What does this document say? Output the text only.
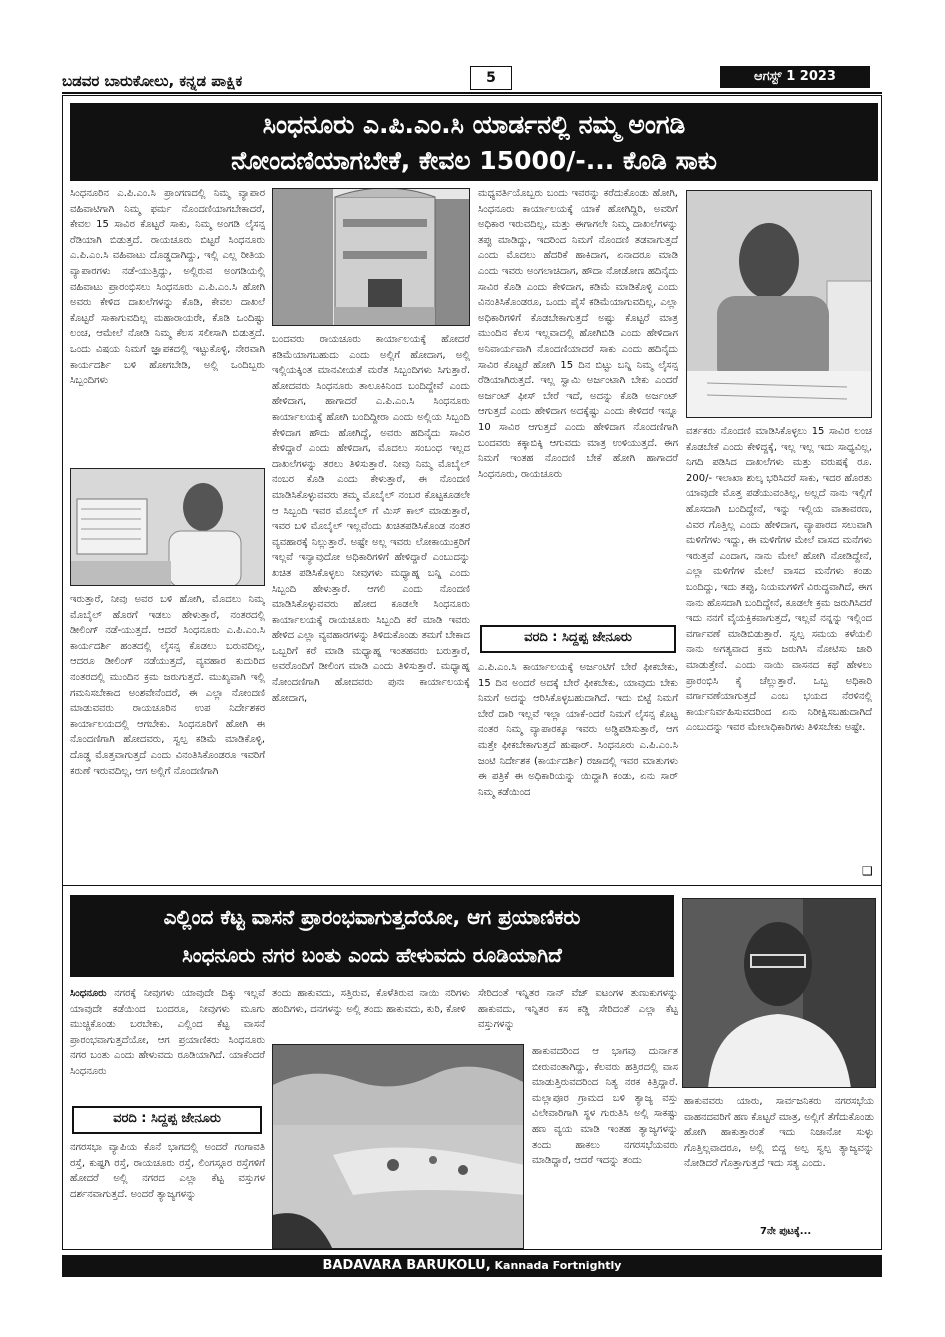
ಬಡವರ ಬಾರುಕೋಲು, ಕನ್ನಡ ಪಾಕ್ಷಿಕ	5	ಆಗಸ್ಟ್ 1 2023
ಸಿಂಧನೂರು ಎ.ಪಿ.ಎಂ.ಸಿ ಯಾರ್ಡನಲ್ಲಿ ನಮ್ಮ ಅಂಗಡಿ
ನೋಂದಣಿಯಾಗಬೇಕೆ, ಕೇವಲ 15000/-... ಕೊಡಿ ಸಾಕು
ಸಿಂಧನೂರಿನ ಎ.ಪಿ.ಎಂ.ಸಿ ಪ್ರಾಂಗಣದಲ್ಲಿ ನಿಮ್ಮ ವ್ಯಾಪಾರ ವಹಿವಾಟಿಗಾಗಿ ನಿಮ್ಮ ಫರ್ಮ ನೊಂದಣಿಯಾಗಬೇಕಾದರೆ, ಕೇವಲ 15 ಸಾವಿರ ಕೊಟ್ಟರೆ ಸಾಕು, ನಿಮ್ಮ ಅಂಗಡಿ ಲೈಸನ್ಸ ರೆಡಿಯಾಗಿ ಬಿಡುತ್ತದೆ. ರಾಯಚೂರು ಬಿಟ್ಟರೆ ಸಿಂಧನೂರು ಎ.ಪಿ.ಎಂ.ಸಿ ವಹಿವಾಟು ದೊಡ್ಡದಾಗಿದ್ದು, ಇಲ್ಲಿ ಎಲ್ಲ ರೀತಿಯ ವ್ಯಾಪಾರಗಳು ನಡೆ-ಯುತ್ತಿದ್ದು, ಅಲ್ಲಿರುವ ಅಂಗಡಿಯಲ್ಲಿ ವಹಿವಾಟು ಪ್ರಾರಂಭಿಸಲು ಸಿಂಧನೂರು ಎ.ಪಿ.ಎಂ.ಸಿ ಹೋಗಿ ಅವರು ಕೇಳಿದ ದಾಖಲೆಗಳನ್ನು ಕೊಡಿ, ಕೇವಲ ದಾಖಲೆ ಕೊಟ್ಟರೆ ಸಾಕಾಗುವದಿಲ್ಲ ಮಹಾರಾಯರೇ, ಕೊಡಿ ಒಂದಿಷ್ಟು ಲಂಚ, ಆಮೇಲೆ ನೋಡಿ ನಿಮ್ಮ ಕೆಲಸ ಸಲೀಸಾಗಿ ಬಿಡುತ್ತದೆ. ಒಂದು ವಿಷಯ ನಿಮಗೆ ಜ್ಞಾಪಕದಲ್ಲಿ ಇಟ್ಟುಕೊಳ್ಳಿ, ನೇರವಾಗಿ ಕಾರ್ಯದರ್ಶಿ ಬಳಿ ಹೋಗಬೇಡಿ, ಅಲ್ಲಿ ಒಂದಿಬ್ಬರು ಸಿಬ್ಬಂದಿಗಳು
ಇರುತ್ತಾರೆ, ನೀವು ಅವರ ಬಳಿ ಹೋಗಿ, ಮೊದಲು ನಿಮ್ಮ ಮೊಬೈಲ್ ಹೊರಗೆ ಇಡಲು ಹೇಳುತ್ತಾರೆ, ನಂತರದಲ್ಲಿ ಡೀಲಿಂಗ್ ನಡೆ-ಯುತ್ತದೆ. ಆದರೆ ಸಿಂಧನೂರು ಎ.ಪಿ.ಎಂ.ಸಿ ಕಾರ್ಯದರ್ಶಿ ಹಂತದಲ್ಲಿ ಲೈಸನ್ಸ ಕೊಡಲು ಬರುವದಿಲ್ಲ, ಆದರೂ ಡೀಲಿಂಗ್ ನಡೆಯುತ್ತದೆ, ವ್ಯವಹಾರ ಕುದುರಿದ ನಂತರದಲ್ಲಿ ಮುಂದಿನ ಕ್ರಮ ಜರುಗುತ್ತದೆ. ಮುಖ್ಯವಾಗಿ ಇಲ್ಲಿ ಗಮನಿಸಬೇಕಾದ ಅಂಶವೇನೆಂದರೆ, ಈ ಎಲ್ಲಾ ನೋಂದಣಿ ಮಾಡುವವರು ರಾಯಚೂರಿನ ಉಪ ನಿರ್ದೇಶಕರ ಕಾರ್ಯಾಲಯದಲ್ಲಿ ಆಗಬೇಕು. ಸಿಂಧನೂರಿಗೆ ಹೋಗಿ ಈ ನೊಂದಣಿಗಾಗಿ ಹೋದವರು, ಸ್ವಲ್ಪ ಕಡಿಮೆ ಮಾಡಿಕೊಳ್ಳಿ, ದೊಡ್ಡ ಮೊತ್ತವಾಗುತ್ತದೆ ಎಂದು ವಿನಂತಿಸಿಕೊಂಡರೂ ಇವರಿಗೆ ಕರುಣೆ ಇರುವದಿಲ್ಲ, ಆಗ ಅಲ್ಲಿಗೆ ನೊಂದಣಿಗಾಗಿ
ಬಂದವರು ರಾಯಚೂರು ಕಾರ್ಯಾಲಯಕ್ಕೆ ಹೋದರೆ ಕಡಿಮೆಯಾಗಬಹುದು ಎಂದು ಅಲ್ಲಿಗೆ ಹೋದಾಗ, ಅಲ್ಲಿ ಇಲ್ಲಿಯಕ್ಕಿಂತ ಮಾನವೀಯತೆ ಮರೆತ ಸಿಬ್ಬಂದಿಗಳು ಸಿಗುತ್ತಾರೆ. ಹೋದವರು ಸಿಂಧನೂರು ತಾಲೂಕಿನಿಂದ ಬಂದಿದ್ದೇವೆ ಎಂದು ಹೇಳಿದಾಗ, ಹಾಗಾದರೆ ಎ.ಪಿ.ಎಂ.ಸಿ ಸಿಂಧನೂರು ಕಾರ್ಯಾಲಯಕ್ಕೆ ಹೋಗಿ ಬಂದಿದ್ದೀರಾ ಎಂದು ಅಲ್ಲಿಯ ಸಿಬ್ಬಂದಿ ಕೇಳಿದಾಗ ಹೌದು ಹೋಗಿದ್ದೆ, ಅವರು ಹದಿನೈದು ಸಾವಿರ ಕೇಳಿದ್ದಾರೆ ಎಂದು ಹೇಳಿದಾಗ, ಮೊದಲು ಸಂಬಂಧ ಇಲ್ಲದ ದಾಖಲೆಗಳನ್ನು ತರಲು ತಿಳಿಸುತ್ತಾರೆ. ನೀವು ನಿಮ್ಮ ಮೊಬೈಲ್ ನಂಬರ ಕೊಡಿ ಎಂದು ಕೇಳುತ್ತಾರೆ, ಈ ನೊಂದಣಿ ಮಾಡಿಸಿಕೊಳ್ಳುವವರು ತಮ್ಮ ಮೊಬೈಲ್ ನಂಬರ ಕೊಟ್ಟಕೂಡಲೇ ಆ ಸಿಬ್ಬಂದಿ ಇವರ ಮೊಬೈಲ್ ಗೆ ಮಿಸ್ ಕಾಲ್ ಮಾಡುತ್ತಾರೆ, ಇವರ ಬಳಿ ಮೊಬೈಲ್ ಇಲ್ಲವೆಂದು ಖಚಿತಪಡಿಸಿಕೊಂಡ ನಂತರ ವ್ಯವಹಾರಕ್ಕೆ ನಿಲ್ಲುತ್ತಾರೆ. ಅಷ್ಟೇ ಅಲ್ಲ ಇವರು ಲೋಕಾಯುಕ್ತರಿಗೆ ಇಲ್ಲವೆ ಇನ್ಯಾವುದೋ ಅಧಿಕಾರಿಗಳಿಗೆ ಹೇಳಿದ್ದಾರೆ ಎಂಬುದನ್ನು ಖಚಿತ ಪಡಿಸಿಕೊಳ್ಳಲು ನೀವುಗಳು ಮಧ್ಯಾಹ್ನ ಬನ್ನಿ ಎಂದು ಸಿಬ್ಬಂದಿ ಹೇಳುತ್ತಾರೆ. ಆಗಲಿ ಎಂದು ನೊಂದಣಿ ಮಾಡಿಸಿಕೊಳ್ಳುವವರು ಹೋದ ಕೂಡಲೇ ಸಿಂಧನೂರು ಕಾರ್ಯಾಲಯಕ್ಕೆ ರಾಯಚೂರು ಸಿಬ್ಬಂದಿ ಕರೆ ಮಾಡಿ ಇವರು ಹೇಳಿದ ಎಲ್ಲಾ ವ್ಯವಹಾರಗಳನ್ನು ತಿಳಿದುಕೊಂಡು ತಮಗೆ ಬೇಕಾದ ಒಬ್ಬರಿಗೆ ಕರೆ ಮಾಡಿ ಮಧ್ಯಾಹ್ನ ಇಂತಹವರು ಬರುತ್ತಾರೆ, ಅವರೊಂದಿಗೆ ಡೀಲಿಂಗ ಮಾಡಿ ಎಂದು ತಿಳಿಸುತ್ತಾರೆ. ಮಧ್ಯಾಹ್ನ ನೋಂದಣಿಗಾಗಿ ಹೋದವರು ಪುನಃ ಕಾರ್ಯಾಲಯಕ್ಕೆ ಹೋದಾಗ,
ಮಧ್ಯವರ್ತಿಯೊಬ್ಬರು ಬಂದು ಇವರನ್ನು ಕರೆದುಕೊಂಡು ಹೋಗಿ, ಸಿಂಧನೂರು ಕಾರ್ಯಾಲಯಕ್ಕೆ ಯಾಕೆ ಹೋಗಿದ್ದಿರಿ, ಅವರಿಗೆ ಅಧಿಕಾರ ಇರುವದಿಲ್ಲ, ಮತ್ತು ಈಗಾಗಲೇ ನಿಮ್ಮ ದಾಖಲೆಗಳನ್ನು ತಪ್ಪು ಮಾಡಿದ್ದು, ಇದರಿಂದ ನಿಮಗೆ ನೊಂದಣಿ ತಡವಾಗುತ್ತದೆ ಎಂದು ಮೊದಲು ಹೆದರಿಕೆ ಹಾಕಿದಾಗ, ಏನಾದರೂ ಮಾಡಿ ಎಂದು ಇವರು ಅಂಗಲಾಚಿದಾಗ, ಹೌದಾ ನೋಡೋಣ ಹದಿನೈದು ಸಾವಿರ ಕೊಡಿ ಎಂದು ಕೇಳಿದಾಗ, ಕಡಿಮೆ ಮಾಡಿಕೊಳ್ಳಿ ಎಂದು ವಿನಂತಿಸಿಕೊಂಡರೂ, ಒಂದು ಪೈಸೆ ಕಡಿಮೆಯಾಗುವದಿಲ್ಲ, ಎಲ್ಲಾ ಅಧಿಕಾರಿಗಳಿಗೆ ಕೊಡಬೇಕಾಗುತ್ತದೆ ಅಷ್ಟು ಕೊಟ್ಟರೆ ಮಾತ್ರ ಮುಂದಿನ ಕೆಲಸ ಇಲ್ಲವಾದಲ್ಲಿ ಹೋಗಿಬಿಡಿ ಎಂದು ಹೇಳಿದಾಗ ಅನಿವಾರ್ಯವಾಗಿ ನೊಂದಣಿಯಾದರೆ ಸಾಕು ಎಂದು ಹದಿನೈದು ಸಾವಿರ ಕೊಟ್ಟರೆ ಹೋಗಿ 15 ದಿನ ಬಿಟ್ಟು ಬನ್ನಿ ನಿಮ್ಮ ಲೈಸನ್ಸ ರೆಡಿಯಾಗಿರುತ್ತದೆ. ಇಲ್ಲ ಸ್ವಾಮಿ ಅರ್ಜಂಟಾಗಿ ಬೇಕು ಎಂದರೆ ಅರ್ಜಂಟ್ ಫೀಸ್ ಬೇರೆ ಇದೆ, ಅದನ್ನು ಕೊಡಿ ಅರ್ಜಂಟ್ ಆಗುತ್ತದೆ ಎಂದು ಹೇಳಿದಾಗ ಅದಕ್ಕೆಷ್ಟು ಎಂದು ಕೇಳಿದರೆ ಇನ್ನೂ 10 ಸಾವಿರ ಆಗುತ್ತದೆ ಎಂದು ಹೇಳಿದಾಗ ನೊಂದಣಿಗಾಗಿ ಬಂದವರು ಕಕ್ಕಾಬಿಕ್ಕಿ ಆಗುವದು ಮಾತ್ರ ಉಳಿಯುತ್ತದೆ. ಈಗ ನಿಮಗೆ ಇಂತಹ ನೊಂದಣಿ ಬೇಕೆ ಹೋಗಿ ಹಾಗಾದರೆ ಸಿಂಧನೂರು, ರಾಯಚೂರು
ವರದಿ : ಸಿದ್ದಪ್ಪ ಜೇನೂರು
ಎ.ಪಿ.ಎಂ.ಸಿ ಕಾರ್ಯಾಲಯಕ್ಕೆ ಅರ್ಜಂಟಿಗೆ ಬೇರೆ ಫೀಕಬೇಕು, 15 ದಿನ ಅಂದರೆ ಅದಕ್ಕೆ ಬೇರೆ ಫೀಕಬೇಕು, ಯಾವುದು ಬೇಕು ನಿಮಗೆ ಅದನ್ನು ಆರಿಸಿಕೊಳ್ಳಬಹುದಾಗಿದೆ. ಇದು ಬಿಟ್ಟೆ ನಿಮಗೆ ಬೇರೆ ದಾರಿ ಇಲ್ಲವೆ ಇಲ್ಲಾ ಯಾಕೆ-ಂದರೆ ನಿಮಗೆ ಲೈಸನ್ಸ ಕೊಟ್ಟ ನಂತರ ನಿಮ್ಮ ವ್ಯಾಪಾರಕ್ಕೂ ಇವರು ಅಡ್ಡಿಪಡಿಸುತ್ತಾರೆ, ಆಗ ಮತ್ತೇ ಫೀಕಬೇಕಾಗುತ್ತದೆ ಹುಷಾರ್. ಸಿಂಧನೂರು ಎ.ಪಿ.ಎಂ.ಸಿ ಜಂಟಿ ನಿರ್ದೇಶಕ (ಕಾರ್ಯದರ್ಶಿ) ರಜಾದಲ್ಲಿ ಇವರ ಮಾತುಗಳು ಈ ಪತ್ರಿಕೆ ಈ ಅಧಿಕಾರಿಯನ್ನು ಯಿದ್ದಾಗಿ ಕಂಡು, ಏನು ಸಾರ್ ನಿಮ್ಮ ಕಡೆಯಿಂದ
ವರ್ತಕರು ನೊಂದಣಿ ಮಾಡಿಸಿಕೊಳ್ಳಲು 15 ಸಾವಿರ ಲಂಚ ಕೊಡಬೇಕೆ ಎಂದು ಕೇಳಿದ್ದಕ್ಕೆ, ಇಲ್ಲ ಇಲ್ಲ ಇದು ಸಾಧ್ಯವಿಲ್ಲ, ನಿಗದಿ ಪಡಿಸಿದ ದಾಖಲೆಗಳು ಮತ್ತು ವರುಷಕ್ಕೆ ರೂ. 200/- ಇಲಾಖಾ ಶುಲ್ಕ ಭರಿಸಿದರೆ ಸಾಕು, ಇದರ ಹೊರತು ಯಾವುದೇ ಮೊತ್ತ ಪಡೆಯುವಂತಿಲ್ಲ, ಅಲ್ಲದೆ ನಾನು ಇಲ್ಲಿಗೆ ಹೊಸದಾಗಿ ಬಂದಿದ್ದೇನೆ, ಇನ್ನು ಇಲ್ಲಿಯ ವಾತಾವರಣ, ವಿವರ ಗೊತ್ತಿಲ್ಲ ಎಂದು ಹೇಳಿದಾಗ, ವ್ಯಾಪಾರದ ಸಲುವಾಗಿ ಮಳಿಗೆಗಳು ಇದ್ದು, ಈ ಮಳಿಗೆಗಳ ಮೇಲೆ ವಾಸದ ಮನೆಗಳು ಇರುತ್ತವೆ ಎಂದಾಗ, ನಾನು ಮೇಲೆ ಹೋಗಿ ನೋಡಿದ್ದೇನೆ, ಎಲ್ಲಾ ಮಳಿಗೆಗಳ ಮೇಲೆ ವಾಸದ ಮನೆಗಳು ಕಂಡು ಬಂದಿದ್ದು, ಇದು ತಪ್ಪು, ನಿಯಮಗಳಿಗೆ ವಿರುದ್ಧವಾಗಿದೆ, ಈಗ ನಾನು ಹೊಸದಾಗಿ ಬಂದಿದ್ದೇನೆ, ಕೂಡಲೇ ಕ್ರಮ ಜರುಗಿಸಿದರೆ ಇದು ನನಗೆ ವೈಯಕ್ತಿಕವಾಗುತ್ತದೆ, ಇಲ್ಲವೆ ನನ್ನನ್ನು ಇಲ್ಲಿಂದ ವರ್ಗಾವಣೆ ಮಾಡಿಬಿಡುತ್ತಾರೆ. ಸ್ವಲ್ಪ ಸಮಯ ಕಳೆಯಲಿ ನಾನು ಅಗತ್ಯವಾದ ಕ್ರಮ ಜರುಗಿಸಿ ನೋಟಿಸು ಜಾರಿ ಮಾಡುತ್ತೇನೆ. ಎಂದು ನಾಯಿ ವಾಸನದ ಕಥೆ ಹೇಳಲು ಪ್ರಾರಂಭಿಸಿ ಕೈ ಚೆಲ್ಲುತ್ತಾರೆ. ಒಬ್ಬ ಅಧಿಕಾರಿ ವರ್ಗಾವಣೆಯಾಗುತ್ತದೆ ಎಂಬ ಭಯದ ನೆರಳಿನಲ್ಲಿ ಕಾರ್ಯನಿರ್ವಹಿಸುವದರಿಂದ ಏನು ನಿರೀಕ್ಷಿಸಬಹುದಾಗಿದೆ ಎಂಬುದನ್ನು ಇವರ ಮೇಲಾಧಿಕಾರಿಗಳು ತಿಳಿಸಬೇಕು ಅಷ್ಟೇ.
❑
ಎಲ್ಲಿಂದ ಕೆಟ್ಟ ವಾಸನೆ ಪ್ರಾರಂಭವಾಗುತ್ತದೆಯೋ, ಆಗ ಪ್ರಯಾಣಿಕರು
ಸಿಂಧನೂರು ನಗರ ಬಂತು ಎಂದು ಹೇಳುವದು ರೂಡಿಯಾಗಿದೆ
ಸಿಂಧನೂರು ನಗರಕ್ಕೆ ನೀವುಗಳು ಯಾವುದೇ ದಿಕ್ಕು ಇಲ್ಲವೆ ಯಾವುದೇ ಕಡೆಯಿಂದ ಬಂದರೂ, ನೀವುಗಳು ಮೂಗು ಮುಚ್ಚಿಕೊಂಡು ಬರಬೇಕು, ಎಲ್ಲಿಂದ ಕೆಟ್ಟ ವಾಸನೆ ಪ್ರಾರಂಭವಾಗುತ್ತದೆಯೋ, ಆಗ ಪ್ರಯಾಣಿಕರು ಸಿಂಧನೂರು ನಗರ ಬಂತು ಎಂದು ಹೇಳುವದು ರೂಡಿಯಾಗಿದೆ. ಯಾಕೆಂದರೆ ಸಿಂಧನೂರು
ವರದಿ : ಸಿದ್ದಪ್ಪ ಜೇನೂರು
ನಗರಸಭಾ ವ್ಯಾಪಿಯ ಕೊನೆ ಭಾಗದಲ್ಲಿ ಅಂದರೆ ಗಂಗಾವತಿ ರಸ್ತೆ, ಕುಷ್ಟಗಿ ರಸ್ತೆ, ರಾಯಚೂರು ರಸ್ತೆ, ಲಿಂಗಸ್ಗೂರ ರಸ್ತೆಗಳಿಗೆ ಹೋದರೆ ಅಲ್ಲಿ ನಗರದ ಎಲ್ಲಾ ಕೆಟ್ಟ ವಸ್ತುಗಳ ದರ್ಶನವಾಗುತ್ತದೆ. ಅಂದರೆ ತ್ಯಾಜ್ಯಗಳನ್ನು
ತಂದು ಹಾಕುವದು, ಸತ್ತಿರುವ, ಕೊಳೆತಿರುವ ನಾಯಿ ನರಿಗಳು ಹಂದಿಗಳು, ದನಗಳನ್ನು ಅಲ್ಲಿ ತಂದು ಹಾಕುವದು, ಕುರಿ, ಕೋಳಿ
ಸೇರಿದಂತೆ ಇನ್ನಿತರ ನಾನ್ ವೆಜ್ ಐಟಂಗಳ ತುಣುಕುಗಳನ್ನು ಹಾಕುವದು, ಇನ್ನಿತರ ಕಸ ಕಡ್ಡಿ ಸೇರಿದಂತೆ ಎಲ್ಲಾ ಕೆಟ್ಟ ವಸ್ತುಗಳನ್ನು
ಹಾಕುವದರಿಂದ ಆ ಭಾಗವು ದುರ್ನಾತ ಬೀರುವಂತಾಗಿದ್ದು, ಕೆಲವರು ಹತ್ತಿರದಲ್ಲಿ ವಾಸ ಮಾಡುತ್ತಿರುವದರಿಂದ ನಿತ್ಯ ನರಕ ಕಿತ್ತಿದ್ದಾರೆ. ಮಲ್ಲಾಪೂರ ಗ್ರಾಮದ ಬಳಿ ತ್ಯಾಜ್ಯ ವಸ್ತು ವಿಲೇವಾರಿಗಾಗಿ ಸ್ಥಳ ಗುರುತಿಸಿ ಅಲ್ಲಿ ಸಾಕಷ್ಟು ಹಣ ವ್ಯಯ ಮಾಡಿ ಇಂತಹ ತ್ಯಾಜ್ಯಗಳನ್ನು ತಂದು ಹಾಕಲು ನಗರಸಭೆಯವರು ಮಾಡಿದ್ದಾರೆ, ಆದರೆ ಇದನ್ನು ತಂದು
ಹಾಕುವವರು ಯಾರು, ಸಾರ್ವಜನಿಕರು ನಗರಸಭೆಯ ವಾಹನದವರಿಗೆ ಹಣ ಕೊಟ್ಟರೆ ಮಾತ್ರ, ಅಲ್ಲಿಗೆ ತೆಗೆದುಕೊಂಡು ಹೋಗಿ ಹಾಕುತ್ತಾರಂತೆ ಇದು ನಿಜಾನೋ ಸುಳ್ಳು ಗೊತ್ತಿಲ್ಲವಾದರೂ, ಅಲ್ಲಿ ಬಿದ್ದ ಅಲ್ಪ ಸ್ವಲ್ಪ ತ್ಯಾಜ್ಯವನ್ನು ನೋಡಿದರೆ ಗೊತ್ತಾಗುತ್ತದೆ ಇದು ಸತ್ಯ ಎಂದು.
7ನೇ ಪುಟಕ್ಕೆ...
BADAVARA BARUKOLU, Kannada Fortnightly
